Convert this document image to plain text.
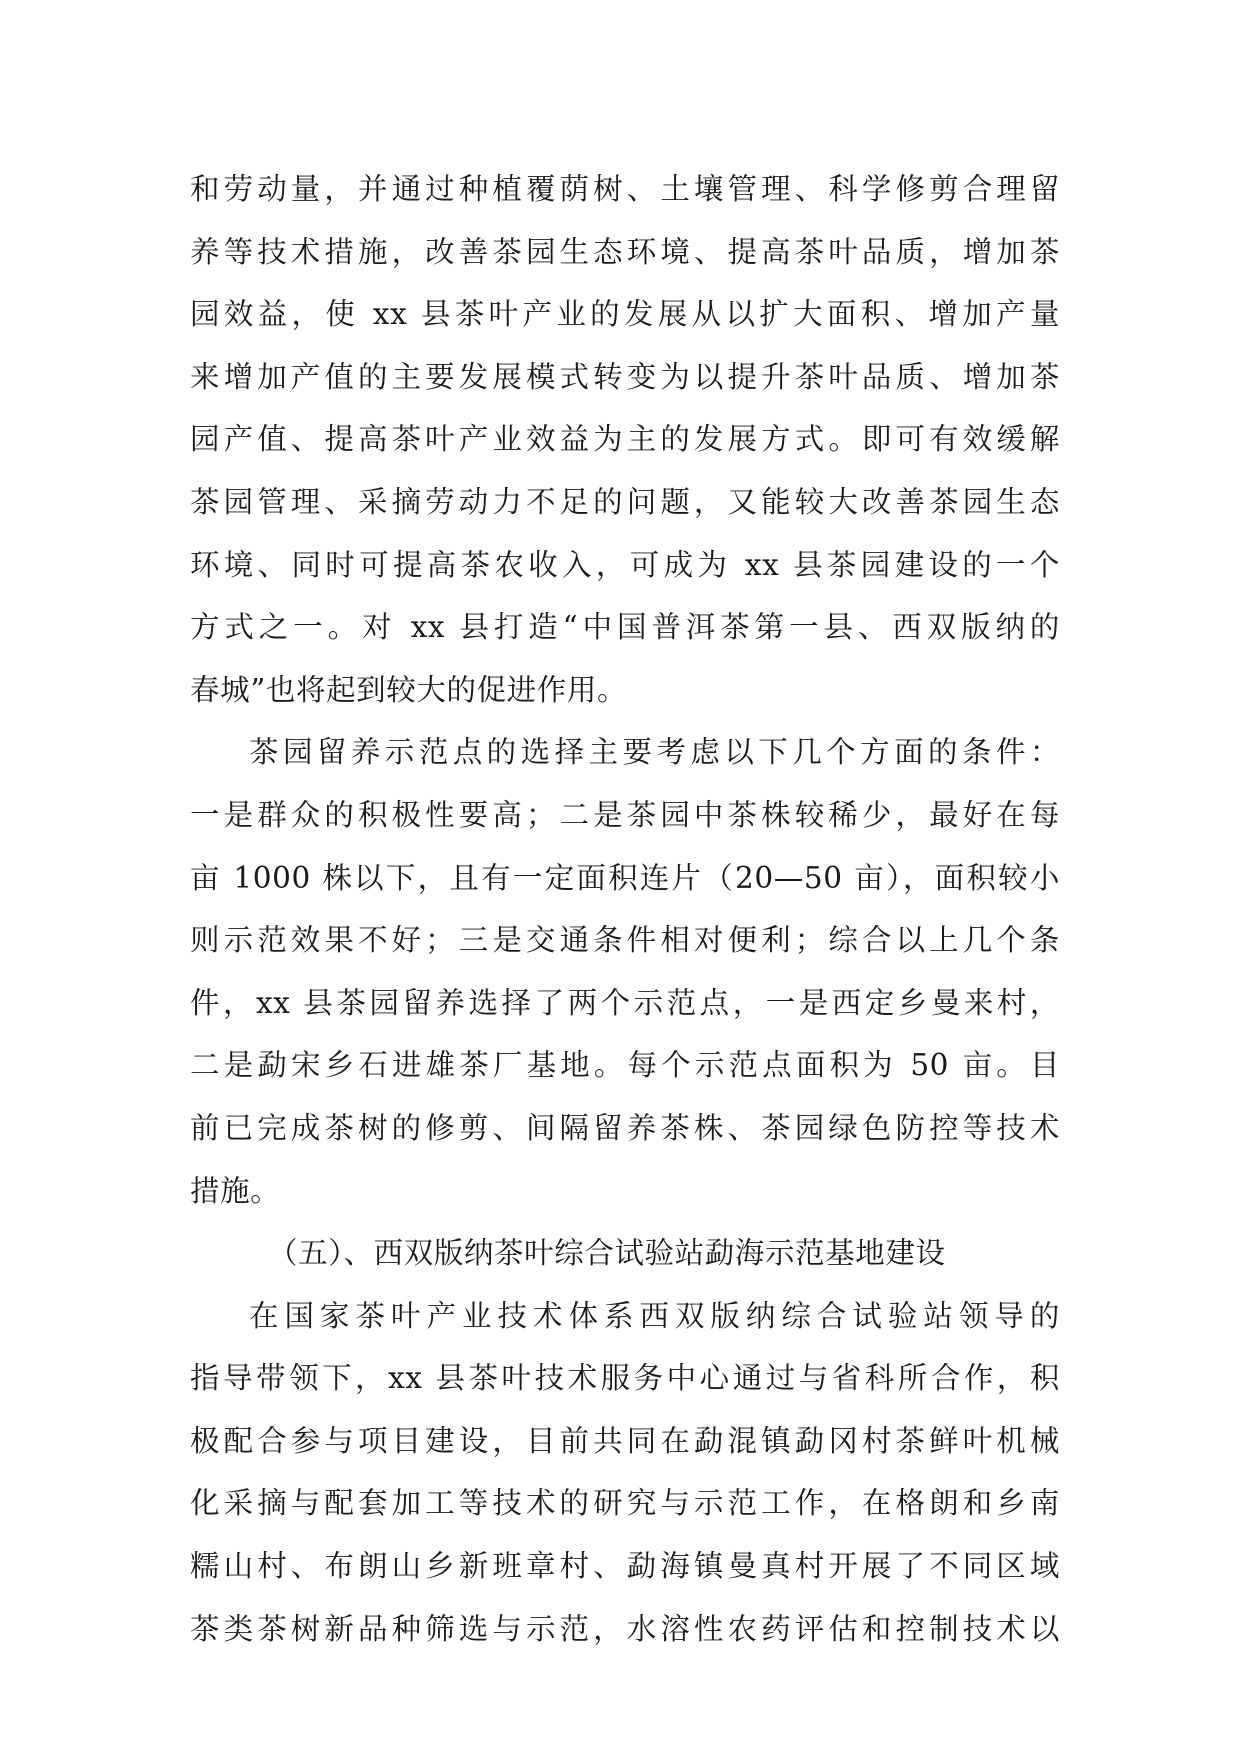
和劳动量，并通过种植覆荫树、土壤管理、科学修剪合理留
养等技术措施，改善茶园生态环境、提高茶叶品质，增加茶
园效益，使 xx 县茶叶产业的发展从以扩大面积、增加产量
来增加产值的主要发展模式转变为以提升茶叶品质、增加茶
园产值、提高茶叶产业效益为主的发展方式。即可有效缓解
茶园管理、采摘劳动力不足的问题，又能较大改善茶园生态
环境、同时可提高茶农收入，可成为 xx 县茶园建设的一个
方式之一。对 xx 县打造“中国普洱茶第一县、西双版纳的
春城”也将起到较大的促进作用。
茶园留养示范点的选择主要考虑以下几个方面的条件：
一是群众的积极性要高；二是茶园中茶株较稀少，最好在每
亩 1000 株以下，且有一定面积连片（20—50 亩），面积较小
则示范效果不好；三是交通条件相对便利；综合以上几个条
件，xx 县茶园留养选择了两个示范点，一是西定乡曼来村，
二是勐宋乡石进雄茶厂基地。每个示范点面积为 50 亩。目
前已完成茶树的修剪、间隔留养茶株、茶园绿色防控等技术
措施。
（五）、西双版纳茶叶综合试验站勐海示范基地建设
在国家茶叶产业技术体系西双版纳综合试验站领导的
指导带领下，xx 县茶叶技术服务中心通过与省科所合作，积
极配合参与项目建设，目前共同在勐混镇勐冈村茶鲜叶机械
化采摘与配套加工等技术的研究与示范工作，在格朗和乡南
糯山村、布朗山乡新班章村、勐海镇曼真村开展了不同区域
茶类茶树新品种筛选与示范，水溶性农药评估和控制技术以
